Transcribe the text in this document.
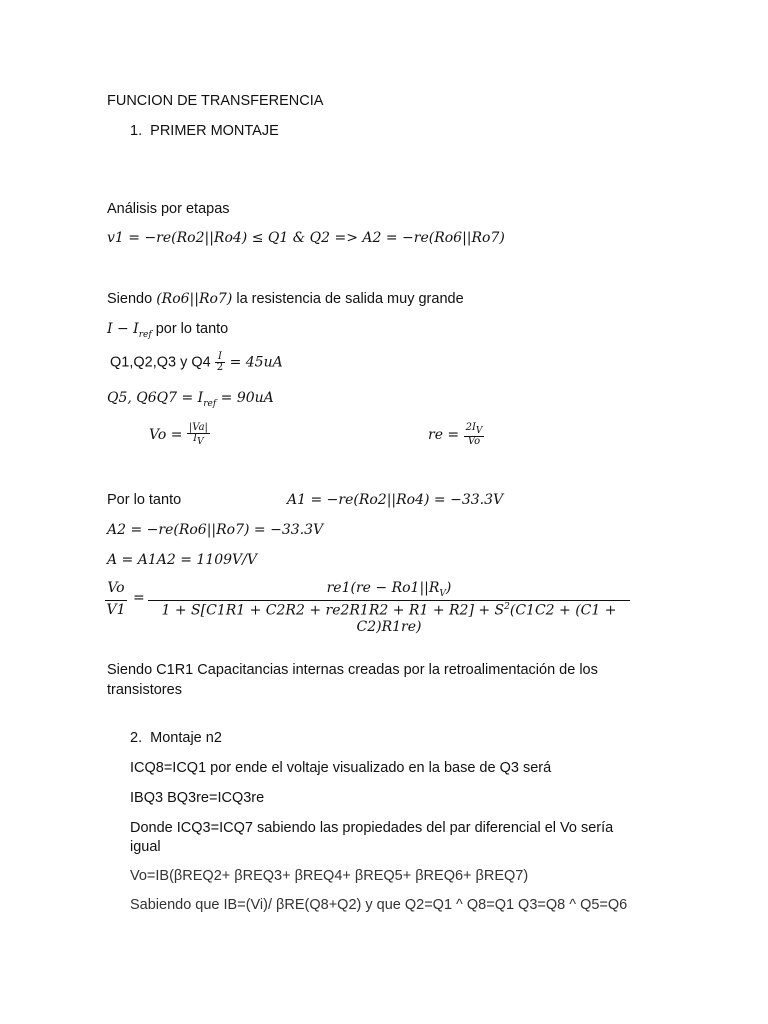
FUNCION DE TRANSFERENCIA
1. PRIMER MONTAJE
Análisis por etapas
v1 = −re(Ro2||Ro4) ≤ Q1 & Q2 => A2 = −re(Ro6||Ro7)
Siendo (Ro6||Ro7) la resistencia de salida muy grande
$I - I_{ref}$ por lo tanto
Q1,Q2,Q3 y $Q4 \frac{I}{2} = 45uA$
Q5, $Q6Q7 = I_{ref} = 90uA$
$Vo = \frac{|Va|}{I_V}$	re = $\frac{2I_V}{Vo}$
Por lo tanto	A1 = −re(Ro2||Ro4) = −33.3V
A2 = −re(Ro6||Ro7) = −33.3V
A = A1A2 = 1109V/V
Vo
V1
=
$re1(re - Ro1||R_V)$
$1 + S[C1R1 + C2R2 + re2R1R2 + R1 + R2] + S^2(C1C2 + (C1 + C2)R1re)$
Siendo C1R1 Capacitancias internas creadas por la retroalimentación de los
transistores
2. Montaje n2
ICQ8=ICQ1 por ende el voltaje visualizado en la base de Q3 será
IBQ3 BQ3re=ICQ3re
Donde ICQ3=ICQ7 sabiendo las propiedades del par diferencial el Vo sería
igual
Vo=IB(βREQ2+ βREQ3+ βREQ4+ βREQ5+ βREQ6+ βREQ7)
Sabiendo que IB=(Vi)/ βRE(Q8+Q2) y que Q2=Q1 ^ Q8=Q1 Q3=Q8 ^ Q5=Q6
